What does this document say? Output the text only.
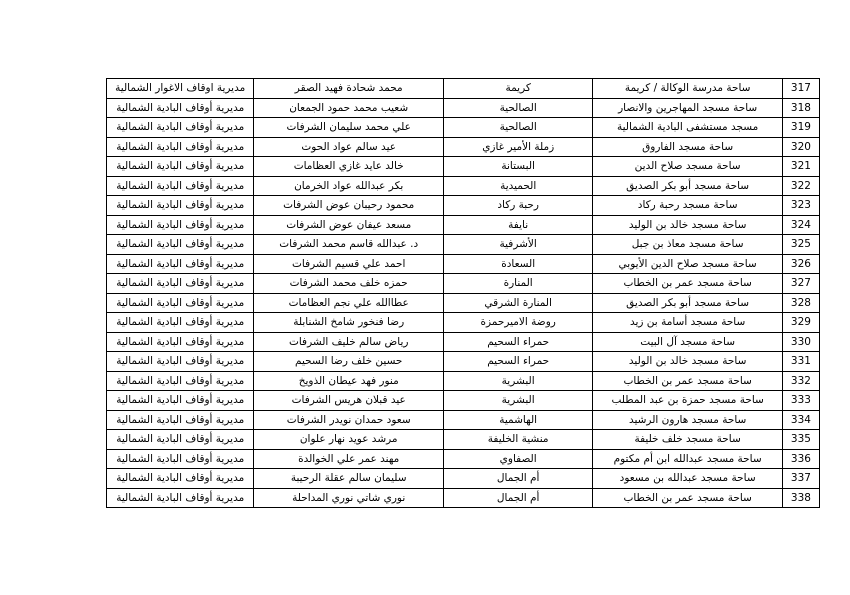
317	ساحة مدرسة الوكالة / كريمة	كريمة	محمد شحادة فهيد الصقر	مديرية اوقاف الاغوار الشمالية
318	ساحة مسجد المهاجرين والانصار	الصالحية	شعيب محمد حمود الجمعان	مديرية أوقاف البادية الشمالية
319	مسجد مستشفى البادية الشمالية	الصالحية	علي محمد سليمان الشرفات	مديرية أوقاف البادية الشمالية
320	ساحة مسجد الفاروق	زملة الأمير غازي	عيد سالم عواد الحوت	مديرية أوقاف البادية الشمالية
321	ساحة مسجد صلاح الدين	البستانة	خالد عايد غازي العظامات	مديرية أوقاف البادية الشمالية
322	ساحة مسجد أبو بكر الصديق	الحميدية	بكر عبدالله عواد الخرمان	مديرية أوقاف البادية الشمالية
323	ساحة مسجد رحبة ركاد	رحبة ركاد	محمود رحيبان عوض الشرفات	مديرية أوقاف البادية الشمالية
324	ساحة مسجد خالد بن الوليد	نايفة	مسعد عيفان عوض الشرفات	مديرية أوقاف البادية الشمالية
325	ساحة مسجد معاذ بن جبل	الأشرفية	د. عبدالله قاسم محمد الشرفات	مديرية أوقاف البادية الشمالية
326	ساحة مسجد صلاح الدين الأيوبي	السعادة	احمد علي قسيم الشرفات	مديرية أوقاف البادية الشمالية
327	ساحة مسجد عمر بن الخطاب	المنارة	حمزه خلف محمد الشرفات	مديرية أوقاف البادية الشمالية
328	ساحة مسجد أبو بكر الصديق	المنارة الشرقي	عطاالله علي نجم العظامات	مديرية أوقاف البادية الشمالية
329	ساحة مسجد أسامة بن زيد	روضة الاميرحمزة	رضا فنخور شامخ الشنابلة	مديرية أوقاف البادية الشمالية
330	ساحة مسجد آل البيت	حمراء السحيم	رياض سالم خليف الشرفات	مديرية أوقاف البادية الشمالية
331	ساحة مسجد خالد بن الوليد	حمراء السحيم	حسين خلف رضا السحيم	مديرية أوقاف البادية الشمالية
332	ساحة مسجد عمر بن الخطاب	البشرية	منور فهد عيطان الذويخ	مديرية أوقاف البادية الشمالية
333	ساحة مسجد حمزة بن عبد المطلب	البشرية	عيد قبلان هريس الشرفات	مديرية أوقاف البادية الشمالية
334	ساحة مسجد هارون الرشيد	الهاشمية	سعود حمدان نويدر الشرفات	مديرية أوقاف البادية الشمالية
335	ساحة مسجد خلف خليفة	منشية الخليفة	مرشد عويد نهار علوان	مديرية أوقاف البادية الشمالية
336	ساحة مسجد عبدالله ابن أم مكتوم	الصفاوي	مهند عمر علي الخوالدة	مديرية أوقاف البادية الشمالية
337	ساحة مسجد عبدالله بن مسعود	أم الجمال	سليمان سالم عقلة الرحيبة	مديرية أوقاف البادية الشمالية
338	ساحة مسجد عمر بن الخطاب	أم الجمال	نوري شاتي نوري المداحلة	مديرية أوقاف البادية الشمالية
